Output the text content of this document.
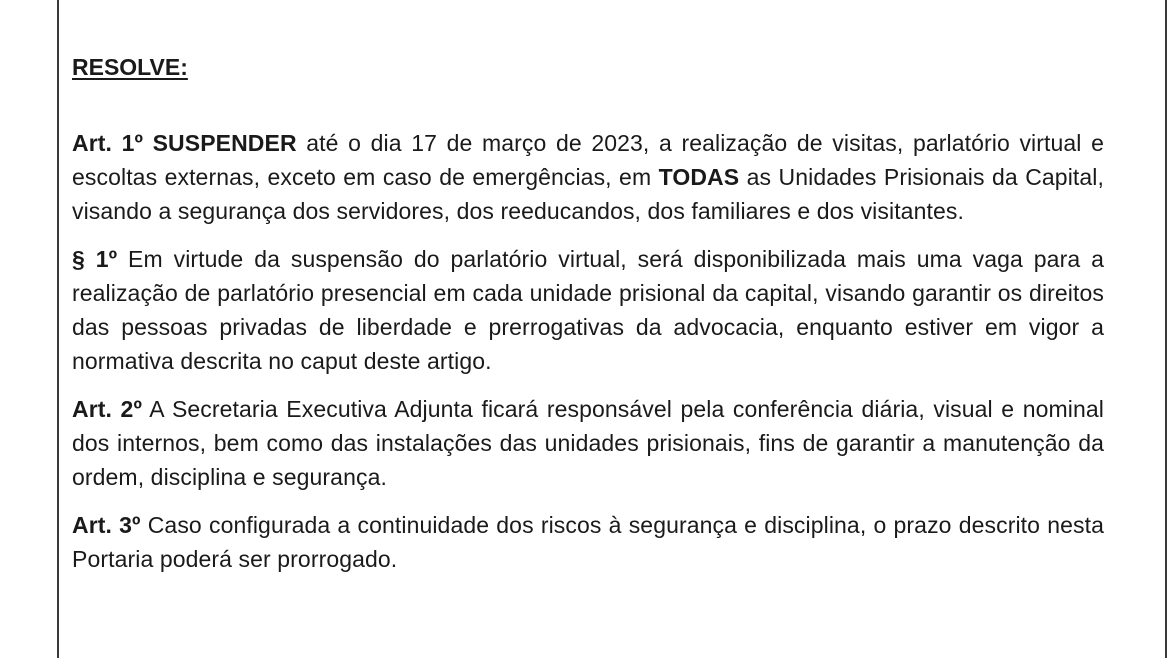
RESOLVE:

Art. 1º SUSPENDER até o dia 17 de março de 2023, a realização de visitas, parlatório virtual e escoltas externas, exceto em caso de emergências, em TODAS as Unidades Prisionais da Capital, visando a segurança dos servidores, dos reeducandos, dos familiares e dos visitantes.

§ 1º Em virtude da suspensão do parlatório virtual, será disponibilizada mais uma vaga para a realização de parlatório presencial em cada unidade prisional da capital, visando garantir os direitos das pessoas privadas de liberdade e prerrogativas da advocacia, enquanto estiver em vigor a normativa descrita no caput deste artigo.

Art. 2º A Secretaria Executiva Adjunta ficará responsável pela conferência diária, visual e nominal dos internos, bem como das instalações das unidades prisionais, fins de garantir a manutenção da ordem, disciplina e segurança.

Art. 3º Caso configurada a continuidade dos riscos à segurança e disciplina, o prazo descrito nesta Portaria poderá ser prorrogado.
